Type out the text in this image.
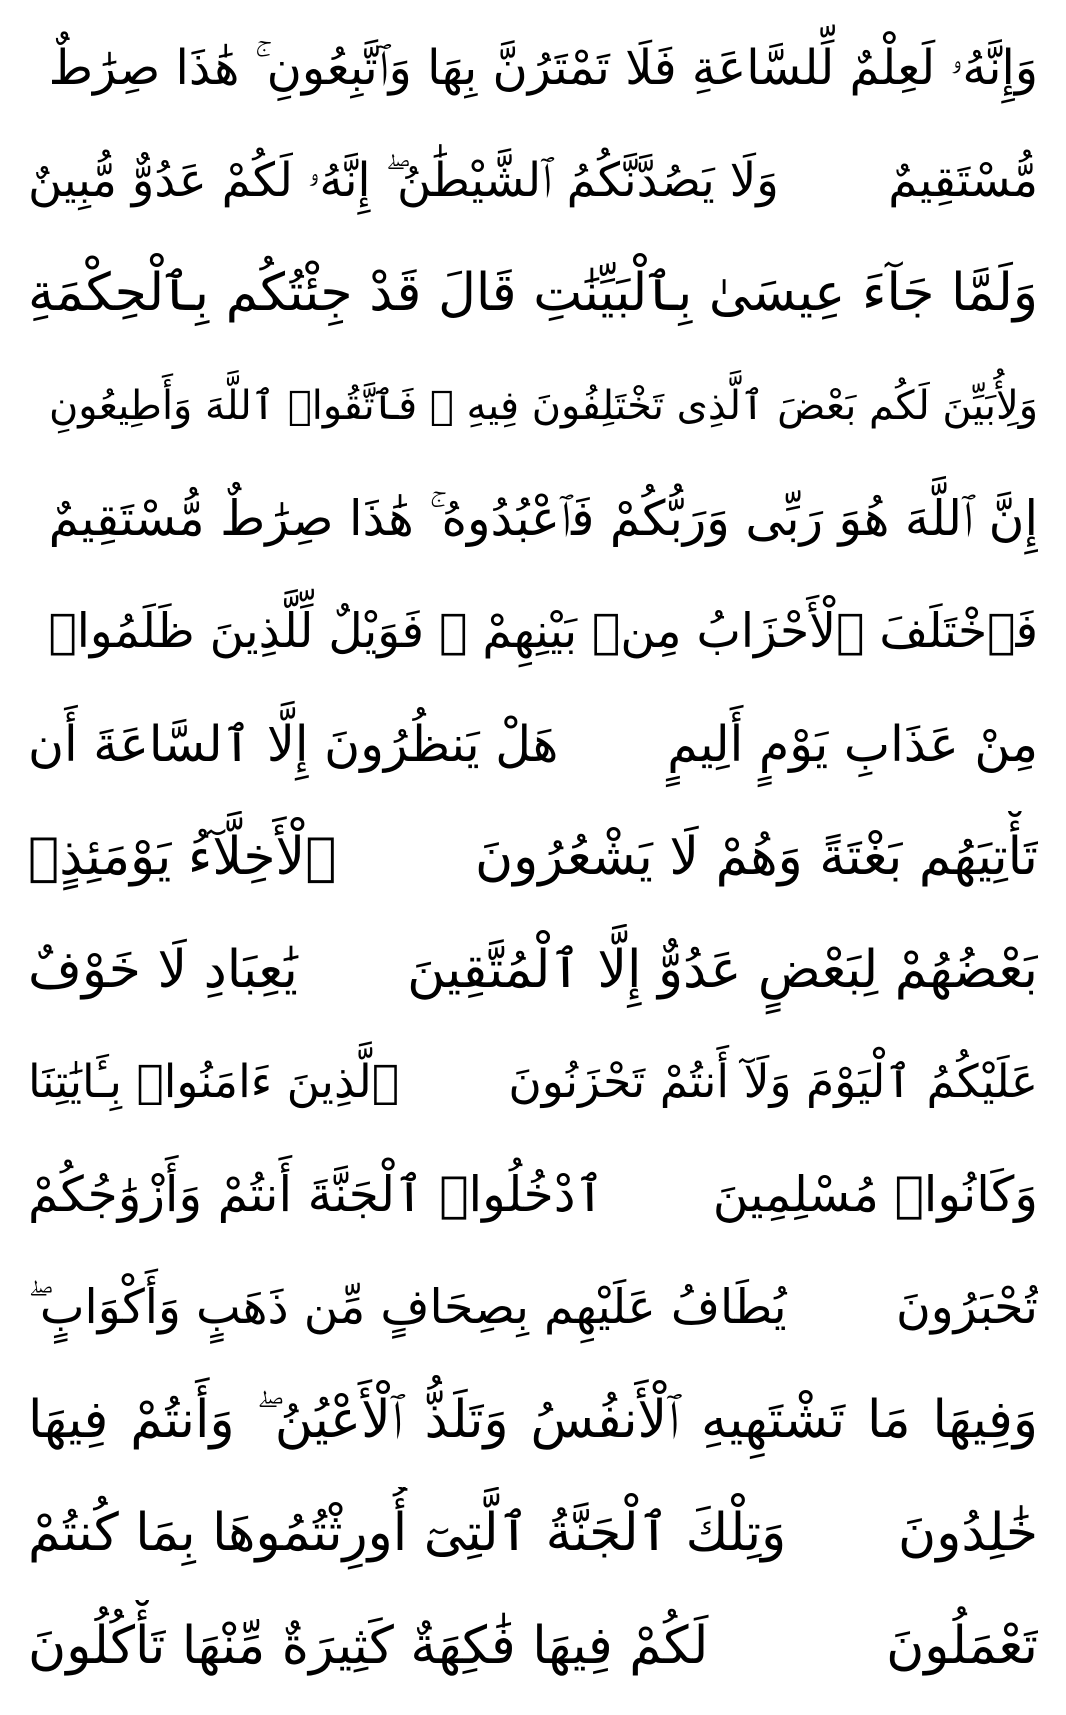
وَإِنَّهُۥ لَعِلْمٌ لِّلسَّاعَةِ فَلَا تَمْتَرُنَّ بِهَا وَٱتَّبِعُونِ ۚ هَٰذَا صِرَٰطٌ
مُّسْتَقِيمٌ
وَلَا يَصُدَّنَّكُمُ ٱلشَّيْطَٰنُ ۖ إِنَّهُۥ لَكُمْ عَدُوٌّ مُّبِينٌ
وَلَمَّا جَآءَ عِيسَىٰ بِٱلْبَيِّنَٰتِ قَالَ قَدْ جِئْتُكُم بِٱلْحِكْمَةِ
وَلِأُبَيِّنَ لَكُم بَعْضَ ٱلَّذِى تَخْتَلِفُونَ فِيهِ ۖ فَٱتَّقُوا۟ ٱللَّهَ وَأَطِيعُونِ
إِنَّ ٱللَّهَ هُوَ رَبِّى وَرَبُّكُمْ فَٱعْبُدُوهُ ۚ هَٰذَا صِرَٰطٌ مُّسْتَقِيمٌ
فَٱخْتَلَفَ ٱلْأَحْزَابُ مِنۢ بَيْنِهِمْ ۖ فَوَيْلٌ لِّلَّذِينَ ظَلَمُوا۟
مِنْ عَذَابِ يَوْمٍ أَلِيمٍ
هَلْ يَنظُرُونَ إِلَّا ٱلسَّاعَةَ أَن
تَأْتِيَهُم بَغْتَةً وَهُمْ لَا يَشْعُرُونَ
ٱلْأَخِلَّآءُ يَوْمَئِذٍۭ
بَعْضُهُمْ لِبَعْضٍ عَدُوٌّ إِلَّا ٱلْمُتَّقِينَ
يَٰعِبَادِ لَا خَوْفٌ
عَلَيْكُمُ ٱلْيَوْمَ وَلَآ أَنتُمْ تَحْزَنُونَ
ٱلَّذِينَ ءَامَنُوا۟ بِـَٔايَٰتِنَا
وَكَانُوا۟ مُسْلِمِينَ
ٱدْخُلُوا۟ ٱلْجَنَّةَ أَنتُمْ وَأَزْوَٰجُكُمْ
تُحْبَرُونَ
يُطَافُ عَلَيْهِم بِصِحَافٍ مِّن ذَهَبٍ وَأَكْوَابٍ ۖ
وَفِيهَا مَا تَشْتَهِيهِ ٱلْأَنفُسُ وَتَلَذُّ ٱلْأَعْيُنُ ۖ وَأَنتُمْ فِيهَا
خَٰلِدُونَ
وَتِلْكَ ٱلْجَنَّةُ ٱلَّتِىٓ أُورِثْتُمُوهَا بِمَا كُنتُمْ
تَعْمَلُونَ
لَكُمْ فِيهَا فَٰكِهَةٌ كَثِيرَةٌ مِّنْهَا تَأْكُلُونَ
